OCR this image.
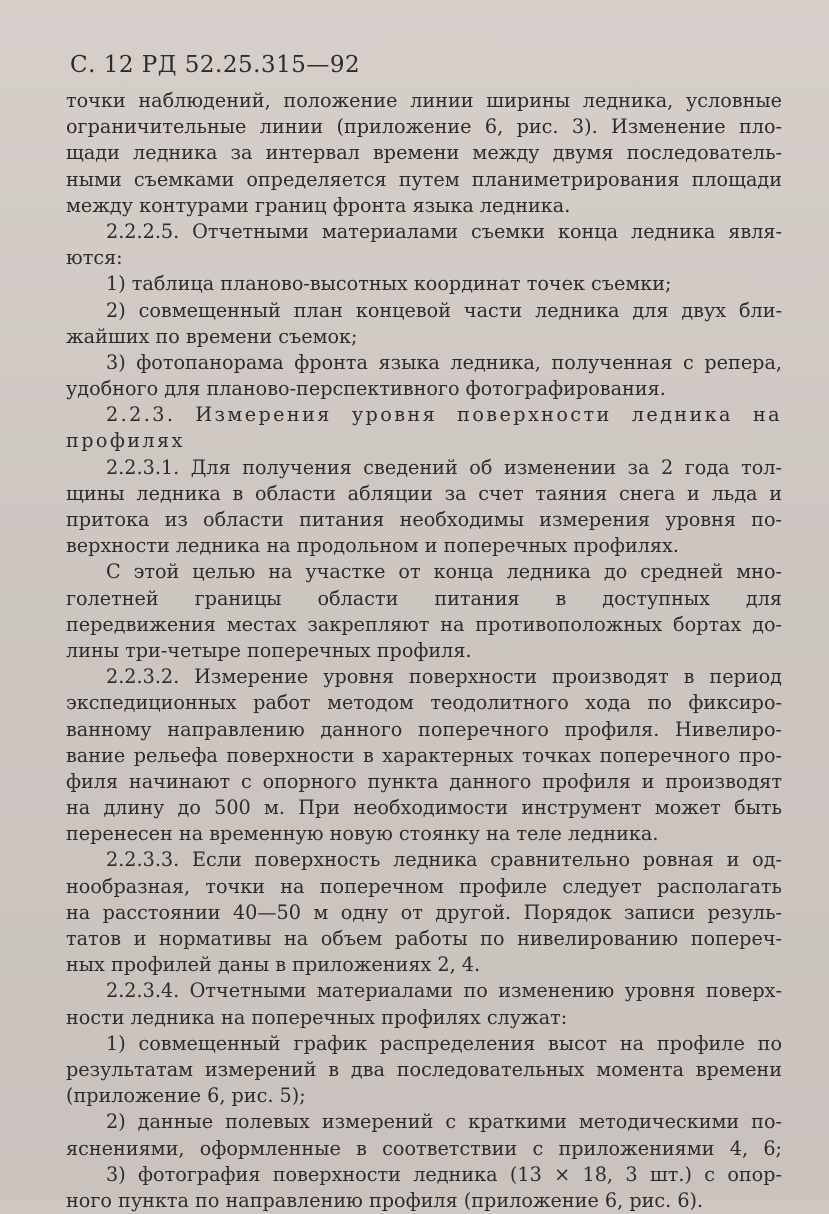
С. 12 РД 52.25.315—92
точки наблюдений, положение линии ширины ледника, условные
ограничительные линии (приложение 6, рис. 3). Изменение пло-
щади ледника за интервал времени между двумя последователь-
ными съемками определяется путем планиметрирования площади
между контурами границ фронта языка ледника.
2.2.2.5. Отчетными материалами съемки конца ледника явля-
ются:
1) таблица планово-высотных координат точек съемки;
2) совмещенный план концевой части ледника для двух бли-
жайших по времени съемок;
3) фотопанорама фронта языка ледника, полученная с репера,
удобного для планово-перспективного фотографирования.
2.2.3. Измерения уровня поверхности ледника на
профилях
2.2.3.1. Для получения сведений об изменении за 2 года тол-
щины ледника в области абляции за счет таяния снега и льда и
притока из области питания необходимы измерения уровня по-
верхности ледника на продольном и поперечных профилях.
С этой целью на участке от конца ледника до средней мно-
голетней границы области питания в доступных для
передвижения местах закрепляют на противоположных бортах до-
лины три-четыре поперечных профиля.
2.2.3.2. Измерение уровня поверхности производят в период
экспедиционных работ методом теодолитного хода по фиксиро-
ванному направлению данного поперечного профиля. Нивелиро-
вание рельефа поверхности в характерных точках поперечного про-
филя начинают с опорного пункта данного профиля и производят
на длину до 500 м. При необходимости инструмент может быть
перенесен на временную новую стоянку на теле ледника.
2.2.3.3. Если поверхность ледника сравнительно ровная и од-
нообразная, точки на поперечном профиле следует располагать
на расстоянии 40—50 м одну от другой. Порядок записи резуль-
татов и нормативы на объем работы по нивелированию попереч-
ных профилей даны в приложениях 2, 4.
2.2.3.4. Отчетными материалами по изменению уровня поверх-
ности ледника на поперечных профилях служат:
1) совмещенный график распределения высот на профиле по
результатам измерений в два последовательных момента времени
(приложение 6, рис. 5);
2) данные полевых измерений с краткими методическими по-
яснениями, оформленные в соответствии с приложениями 4, 6;
3) фотография поверхности ледника (13 × 18, 3 шт.) с опор-
ного пункта по направлению профиля (приложение 6, рис. 6).
